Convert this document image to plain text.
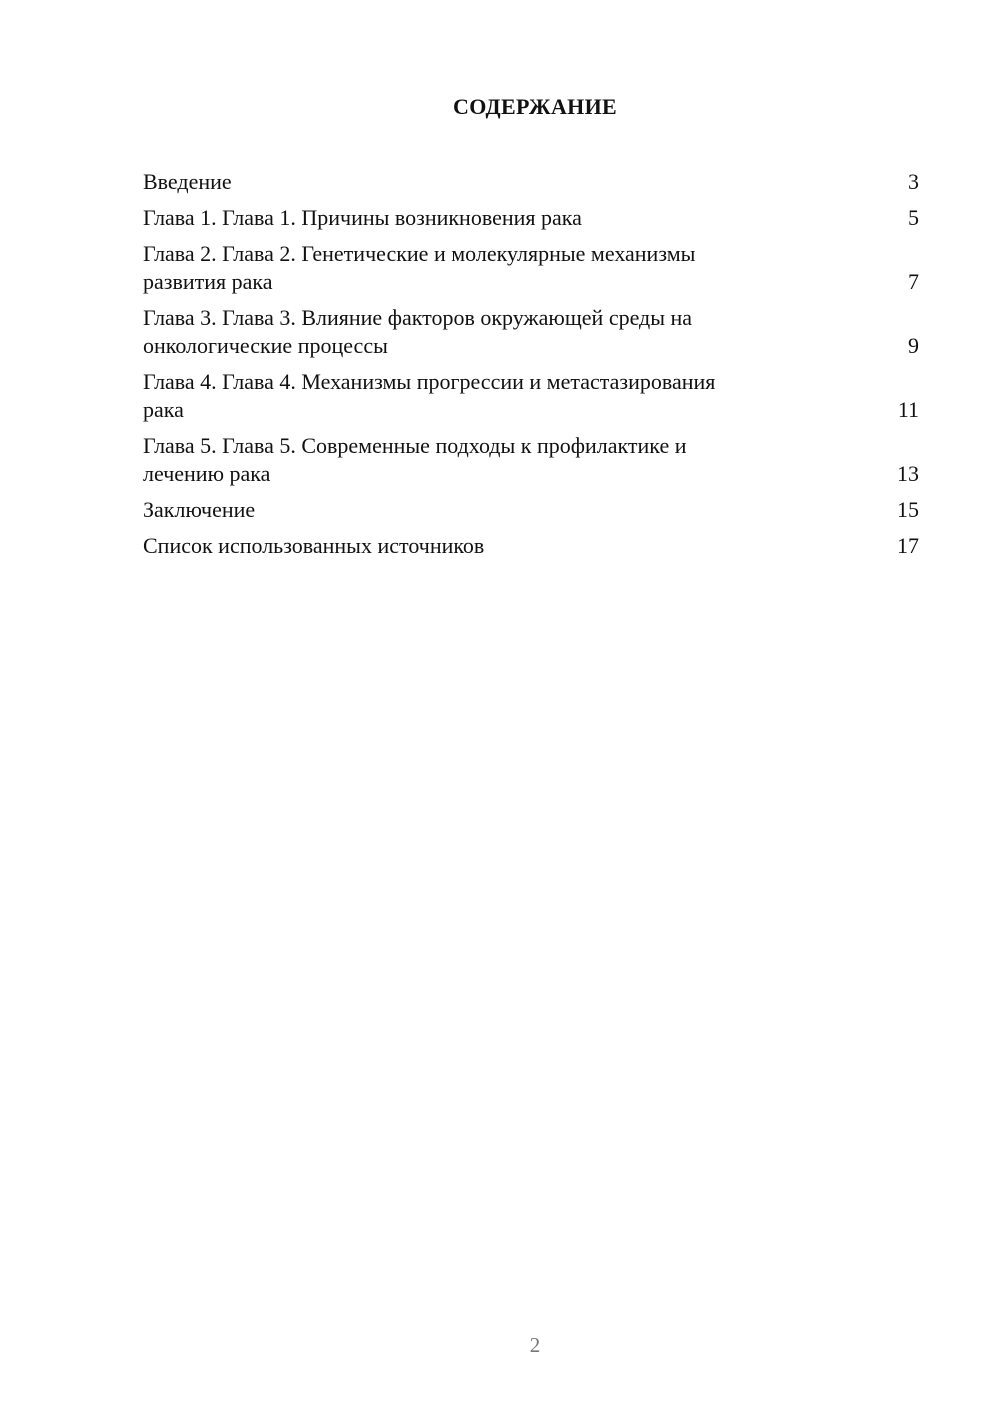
СОДЕРЖАНИЕ
Введение	3
Глава 1. Глава 1. Причины возникновения рака	5
Глава 2. Глава 2. Генетические и молекулярные механизмы
развития рака	7
Глава 3. Глава 3. Влияние факторов окружающей среды на
онкологические процессы	9
Глава 4. Глава 4. Механизмы прогрессии и метастазирования
рака	11
Глава 5. Глава 5. Современные подходы к профилактике и
лечению рака	13
Заключение	15
Список использованных источников	17
2
